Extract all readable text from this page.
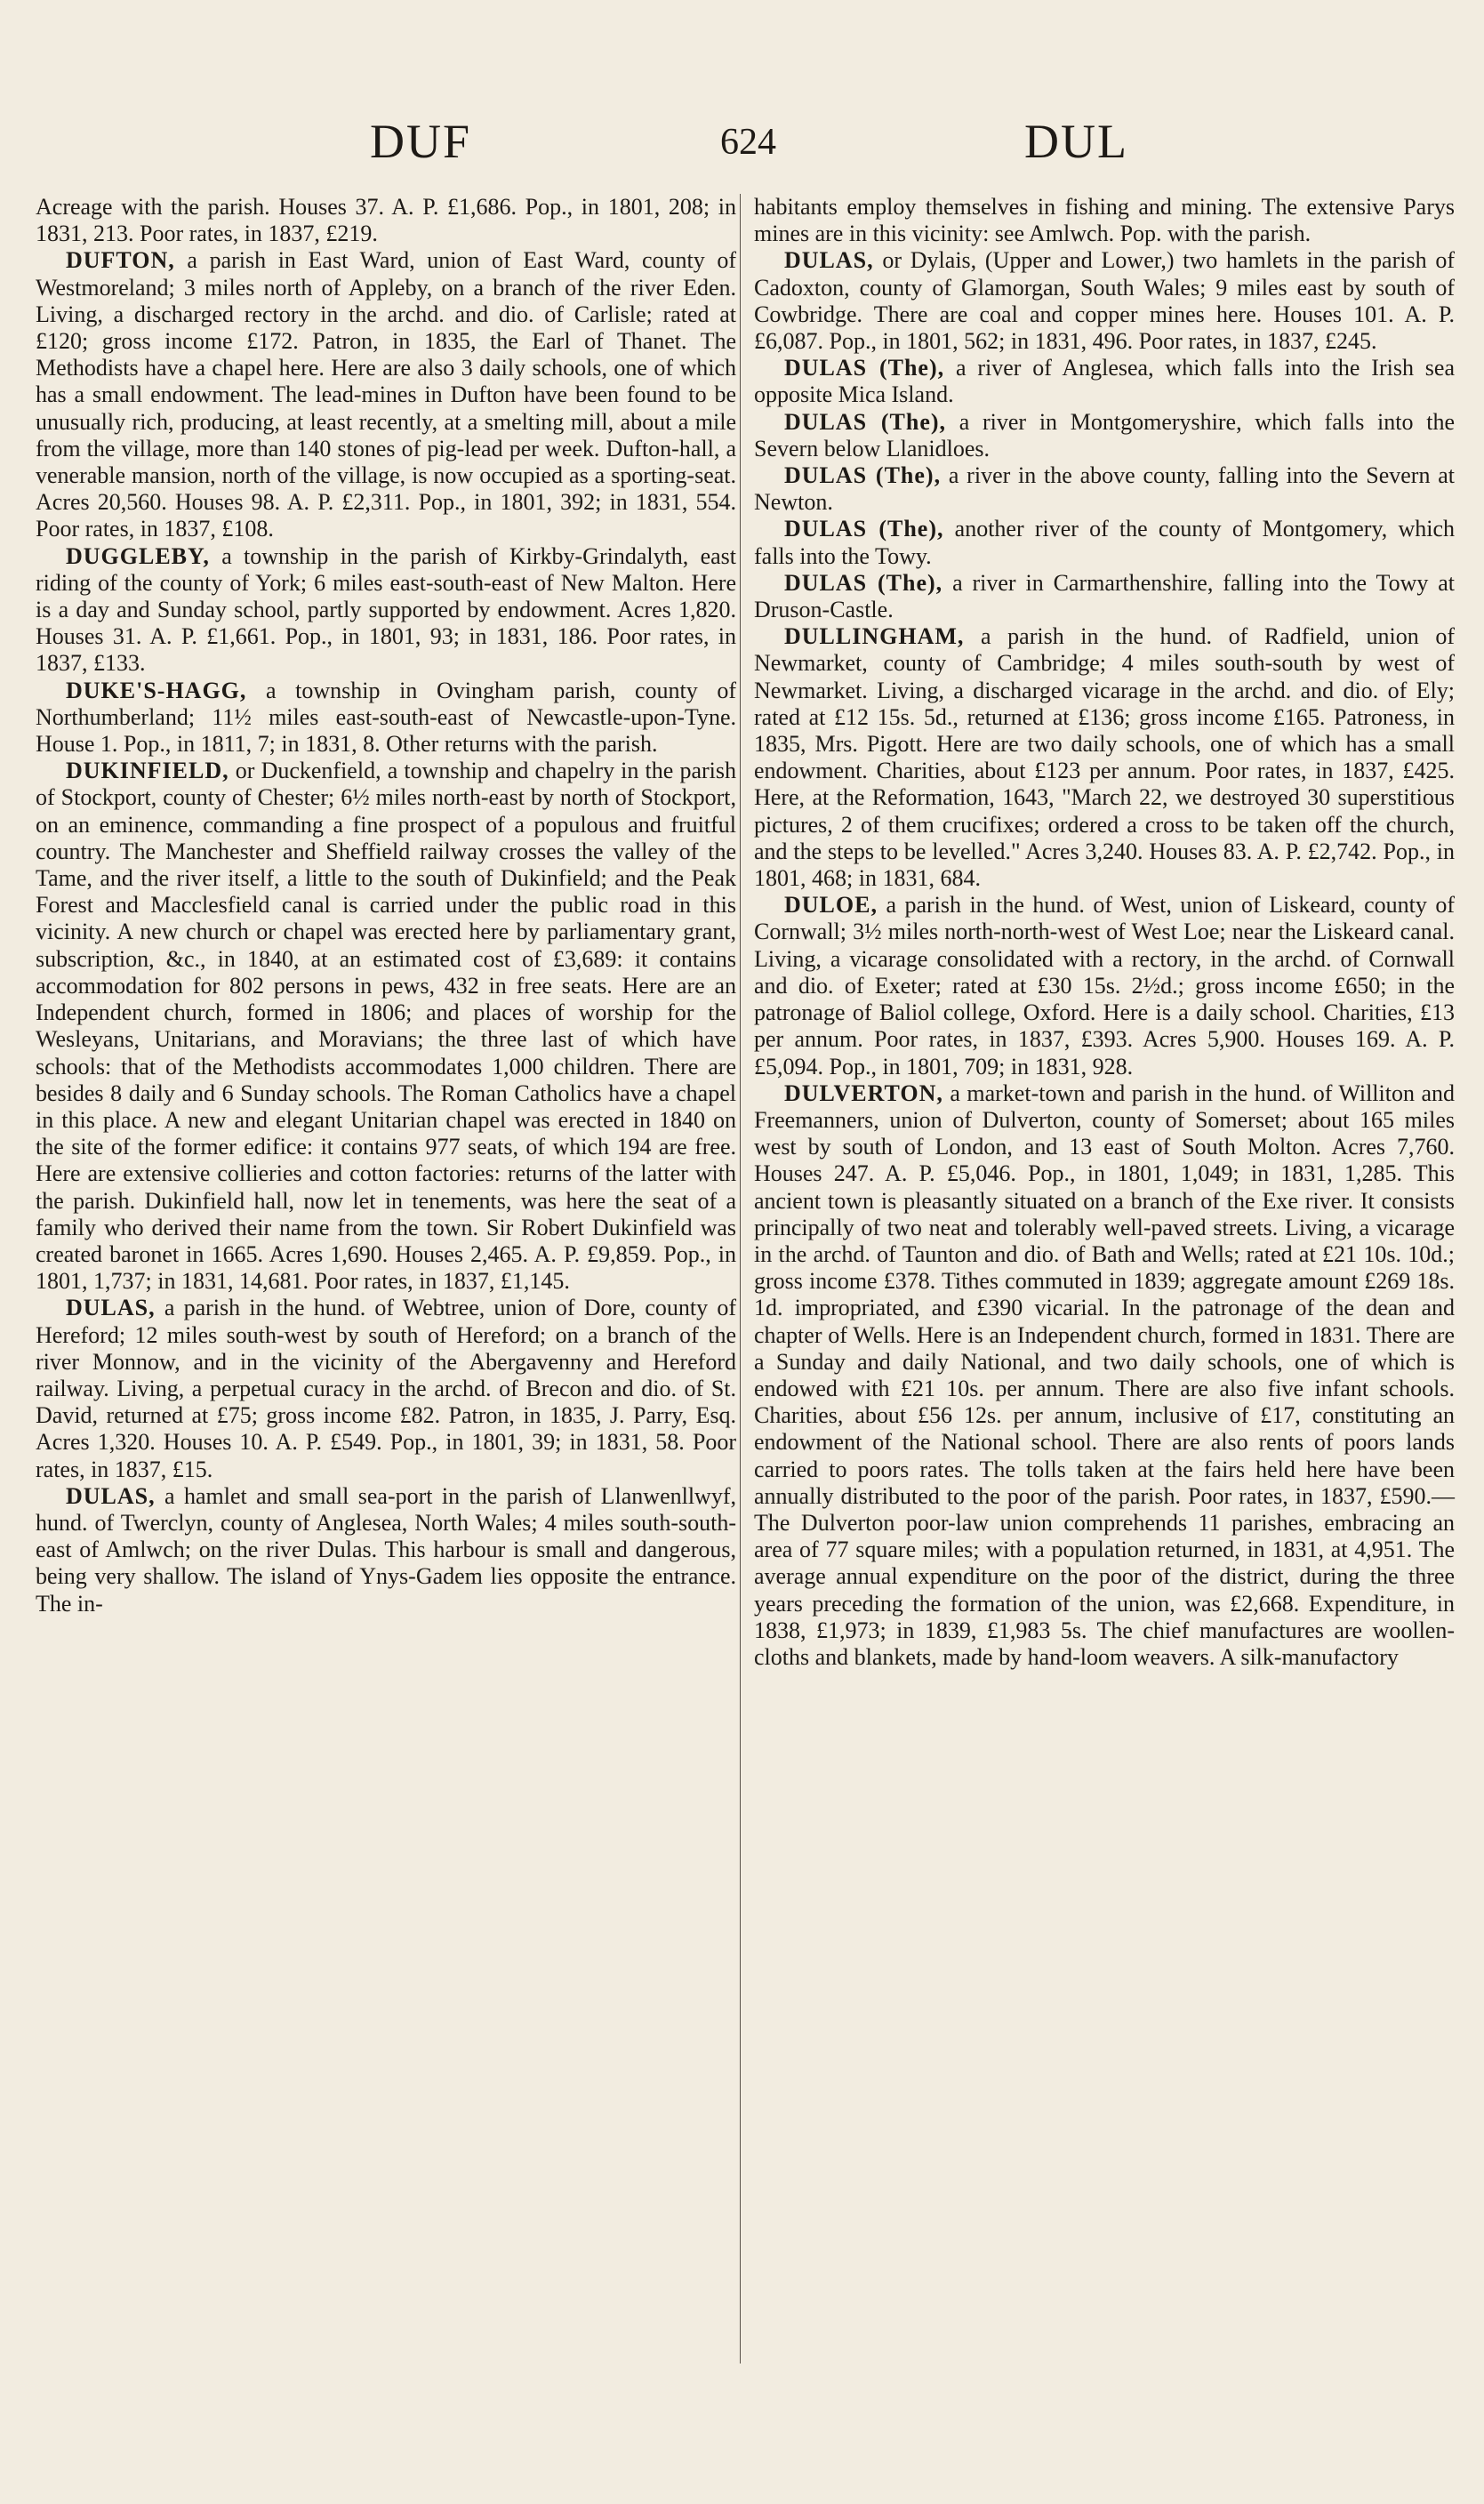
DUF	624	DUL

Acreage with the parish. Houses 37. A. P. £1,686. Pop., in 1801, 208; in 1831, 213. Poor rates, in 1837, £219.

DUFTON, a parish in East Ward, union of East Ward, county of Westmoreland; 3 miles north of Appleby, on a branch of the river Eden. Living, a discharged rectory in the archd. and dio. of Carlisle; rated at £120; gross income £172. Patron, in 1835, the Earl of Thanet. The Methodists have a chapel here. Here are also 3 daily schools, one of which has a small endowment. The lead-mines in Dufton have been found to be unusually rich, producing, at least recently, at a smelting mill, about a mile from the village, more than 140 stones of pig-lead per week. Dufton-hall, a venerable mansion, north of the village, is now occupied as a sporting-seat. Acres 20,560. Houses 98. A. P. £2,311. Pop., in 1801, 392; in 1831, 554. Poor rates, in 1837, £108.

DUGGLEBY, a township in the parish of Kirkby-Grindalyth, east riding of the county of York; 6 miles east-south-east of New Malton. Here is a day and Sunday school, partly supported by endowment. Acres 1,820. Houses 31. A. P. £1,661. Pop., in 1801, 93; in 1831, 186. Poor rates, in 1837, £133.

DUKE'S-HAGG, a township in Ovingham parish, county of Northumberland; 11½ miles east-south-east of Newcastle-upon-Tyne. House 1. Pop., in 1811, 7; in 1831, 8. Other returns with the parish.

DUKINFIELD, or Duckenfield, a township and chapelry in the parish of Stockport, county of Chester; 6½ miles north-east by north of Stockport, on an eminence, commanding a fine prospect of a populous and fruitful country. The Manchester and Sheffield railway crosses the valley of the Tame, and the river itself, a little to the south of Dukinfield; and the Peak Forest and Macclesfield canal is carried under the public road in this vicinity. A new church or chapel was erected here by parliamentary grant, subscription, &c., in 1840, at an estimated cost of £3,689: it contains accommodation for 802 persons in pews, 432 in free seats. Here are an Independent church, formed in 1806; and places of worship for the Wesleyans, Unitarians, and Moravians; the three last of which have schools: that of the Methodists accommodates 1,000 children. There are besides 8 daily and 6 Sunday schools. The Roman Catholics have a chapel in this place. A new and elegant Unitarian chapel was erected in 1840 on the site of the former edifice: it contains 977 seats, of which 194 are free. Here are extensive collieries and cotton factories: returns of the latter with the parish. Dukinfield hall, now let in tenements, was here the seat of a family who derived their name from the town. Sir Robert Dukinfield was created baronet in 1665. Acres 1,690. Houses 2,465. A. P. £9,859. Pop., in 1801, 1,737; in 1831, 14,681. Poor rates, in 1837, £1,145.

DULAS, a parish in the hund. of Webtree, union of Dore, county of Hereford; 12 miles south-west by south of Hereford; on a branch of the river Monnow, and in the vicinity of the Abergavenny and Hereford railway. Living, a perpetual curacy in the archd. of Brecon and dio. of St. David, returned at £75; gross income £82. Patron, in 1835, J. Parry, Esq. Acres 1,320. Houses 10. A. P. £549. Pop., in 1801, 39; in 1831, 58. Poor rates, in 1837, £15.

DULAS, a hamlet and small sea-port in the parish of Llanwenllwyf, hund. of Twerclyn, county of Anglesea, North Wales; 4 miles south-south-east of Amlwch; on the river Dulas. This harbour is small and dangerous, being very shallow. The island of Ynys-Gadem lies opposite the entrance. The in-

habitants employ themselves in fishing and mining. The extensive Parys mines are in this vicinity: see Amlwch. Pop. with the parish.

DULAS, or Dylais, (Upper and Lower,) two hamlets in the parish of Cadoxton, county of Glamorgan, South Wales; 9 miles east by south of Cowbridge. There are coal and copper mines here. Houses 101. A. P. £6,087. Pop., in 1801, 562; in 1831, 496. Poor rates, in 1837, £245.

DULAS (The), a river of Anglesea, which falls into the Irish sea opposite Mica Island.

DULAS (The), a river in Montgomeryshire, which falls into the Severn below Llanidloes.

DULAS (The), a river in the above county, falling into the Severn at Newton.

DULAS (The), another river of the county of Montgomery, which falls into the Towy.

DULAS (The), a river in Carmarthenshire, falling into the Towy at Druson-Castle.

DULLINGHAM, a parish in the hund. of Radfield, union of Newmarket, county of Cambridge; 4 miles south-south by west of Newmarket. Living, a discharged vicarage in the archd. and dio. of Ely; rated at £12 15s. 5d., returned at £136; gross income £165. Patroness, in 1835, Mrs. Pigott. Here are two daily schools, one of which has a small endowment. Charities, about £123 per annum. Poor rates, in 1837, £425. Here, at the Reformation, 1643, "March 22, we destroyed 30 superstitious pictures, 2 of them crucifixes; ordered a cross to be taken off the church, and the steps to be levelled." Acres 3,240. Houses 83. A. P. £2,742. Pop., in 1801, 468; in 1831, 684.

DULOE, a parish in the hund. of West, union of Liskeard, county of Cornwall; 3½ miles north-north-west of West Loe; near the Liskeard canal. Living, a vicarage consolidated with a rectory, in the archd. of Cornwall and dio. of Exeter; rated at £30 15s. 2½d.; gross income £650; in the patronage of Baliol college, Oxford. Here is a daily school. Charities, £13 per annum. Poor rates, in 1837, £393. Acres 5,900. Houses 169. A. P. £5,094. Pop., in 1801, 709; in 1831, 928.

DULVERTON, a market-town and parish in the hund. of Williton and Freemanners, union of Dulverton, county of Somerset; about 165 miles west by south of London, and 13 east of South Molton. Acres 7,760. Houses 247. A. P. £5,046. Pop., in 1801, 1,049; in 1831, 1,285. This ancient town is pleasantly situated on a branch of the Exe river. It consists principally of two neat and tolerably well-paved streets. Living, a vicarage in the archd. of Taunton and dio. of Bath and Wells; rated at £21 10s. 10d.; gross income £378. Tithes commuted in 1839; aggregate amount £269 18s. 1d. impropriated, and £390 vicarial. In the patronage of the dean and chapter of Wells. Here is an Independent church, formed in 1831. There are a Sunday and daily National, and two daily schools, one of which is endowed with £21 10s. per annum. There are also five infant schools. Charities, about £56 12s. per annum, inclusive of £17, constituting an endowment of the National school. There are also rents of poors lands carried to poors rates. The tolls taken at the fairs held here have been annually distributed to the poor of the parish. Poor rates, in 1837, £590.—The Dulverton poor-law union comprehends 11 parishes, embracing an area of 77 square miles; with a population returned, in 1831, at 4,951. The average annual expenditure on the poor of the district, during the three years preceding the formation of the union, was £2,668. Expenditure, in 1838, £1,973; in 1839, £1,983 5s. The chief manufactures are woollen-cloths and blankets, made by hand-loom weavers. A silk-manufactory
